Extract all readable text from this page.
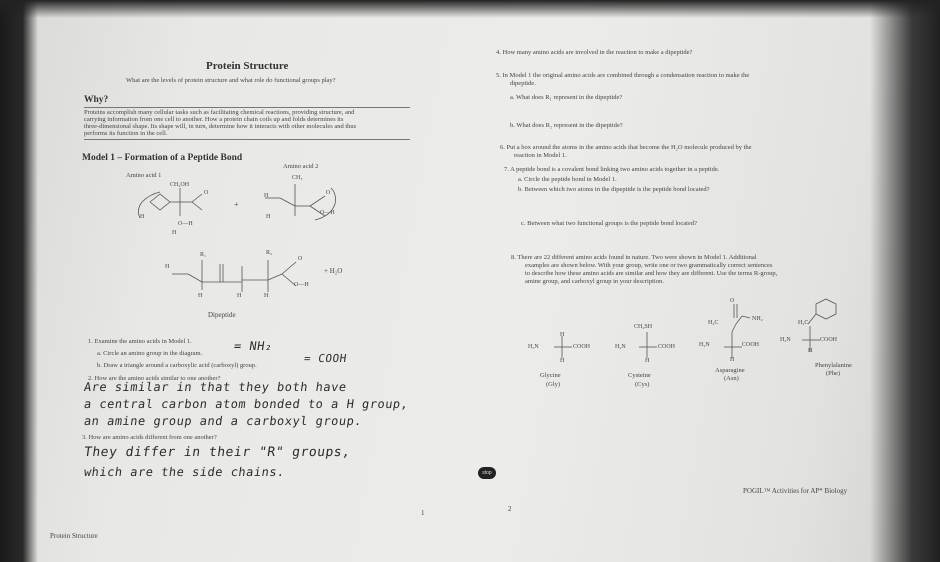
Protein Structure
What are the levels of protein structure and what role do functional groups play?
Why?
Proteins accomplish many cellular tasks such as facilitating chemical reactions, providing structure, and
carrying information from one cell to another. How a protein chain coils up and folds determines its
three-dimensional shape. Its shape will, in turn, determine how it interacts with other molecules and thus
performs its function in the cell.
Model 1 – Formation of a Peptide Bond
Amino acid 1
Amino acid 2
CH₂OH
O
O—H
H
H
+
CH₃
H	O
O—H
H
H
R₁	R₂
O
O—H
H	H	H
+ H₂O
Dipeptide
1. Examine the amino acids in Model 1.
a. Circle an amino group in the diagram.
= NH₂
b. Draw a triangle around a carboxylic acid (carboxyl) group.
= COOH
2. How are the amino acids similar to one another?
Are similar in that they both have
a central carbon atom bonded to a H group,
an amine group and a carboxyl group.
3. How are amino acids different from one another?
They differ in their "R" groups,
which are the side chains.
1
Protein Structure
4. How many amino acids are involved in the reaction to make a dipeptide?
5. In Model 1 the original amino acids are combined through a condensation reaction to make the
dipeptide.
a. What does R₁ represent in the dipeptide?
b. What does R₂ represent in the dipeptide?
6. Put a box around the atoms in the amino acids that become the H₂O molecule produced by the
reaction in Model 1.
7. A peptide bond is a covalent bond linking two amino acids together in a peptide.
a. Circle the peptide bond in Model 1.
b. Between which two atoms in the dipeptide is the peptide bond located?
c. Between what two functional groups is the peptide bond located?
8. There are 22 different amino acids found in nature. Two were shown in Model 1. Additional
examples are shown below. With your group, write one or two grammatically correct sentences
to describe how these amino acids are similar and how they are different. Use the terms R-group,
amine group, and carboxyl group in your description.
H₂N
H
COOH
H
Glycine
(Gly)
H₂N
CH₂SH
COOH
H
Cysteine
(Cys)
O
H₂C
NH₂
H₂N	COOH
H
Asparagine
(Asn)
H₂C
H₂N	COOH
H
Phenylalanine
(Phe)
stop
2
POGIL™ Activities for AP* Biology
